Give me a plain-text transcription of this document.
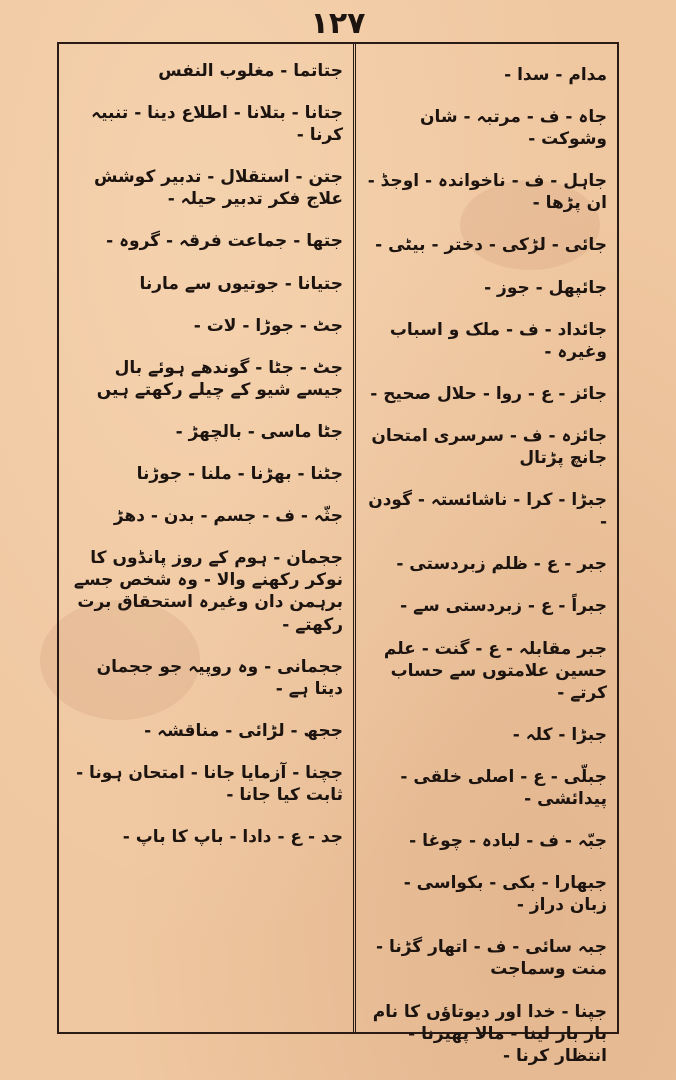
۱۲۷
مدام - سدا -
جاہ - ف - مرتبہ - شان وشوکت -
جاہل - ف - ناخواندہ - اوجڈ - ان پڑھا -
جائی - لڑکی - دختر - بیٹی -
جائپھل - جوز -
جائداد - ف - ملک و اسباب وغیرہ -
جائز - ع - روا - حلال صحیح -
جائزہ - ف - سرسری امتحان جانچ پڑتال
جبڑا - کرا - ناشائستہ - گودن -
جبر - ع - ظلم زبردستی -
جبراً - ع - زبردستی سے -
جبر مقابلہ - ع - گنت - علم حسین علامتوں سے حساب کرتے -
جبڑا - کلہ -
جبلّی - ع - اصلی خلقی - پیدائشی -
جبّہ - ف - لبادہ - چوغا -
جبھارا - بکی - بکواسی - زبان دراز -
جبہ سائی - ف - اتھار گڑنا - منت وسماجت
جپنا - خدا اور دیوتاؤں کا نام بار بار لینا - مالا پھیرنا - انتظار کرنا -
جتاتما - مغلوب النفس
جتانا - بتلانا - اطلاع دینا - تنبیہ کرنا -
جتن - استقلال - تدبیر کوشش علاج فکر تدبیر حیلہ -
جتھا - جماعت فرقہ - گروہ -
جتیانا - جوتیوں سے مارنا
جٹ - جوڑا - لات -
جٹ - جٹا - گوندھے ہوئے بال جیسے شیو کے چیلے رکھتے ہیں
جٹا ماسی - بالچھڑ -
جٹنا - بھڑنا - ملنا - جوڑنا
جثّہ - ف - جسم - بدن - دھڑ
ججمان - ہوم کے روز پانڈوں کا نوکر رکھنے والا - وہ شخص جسے برہمن دان وغیرہ استحقاق برت رکھتے -
ججمانی - وہ روپیہ جو ججمان دیتا ہے -
ججھ - لڑائی - مناقشہ -
جچنا - آزمایا جانا - امتحان ہونا - ثابت کیا جانا -
جد - ع - دادا - باپ کا باپ -
